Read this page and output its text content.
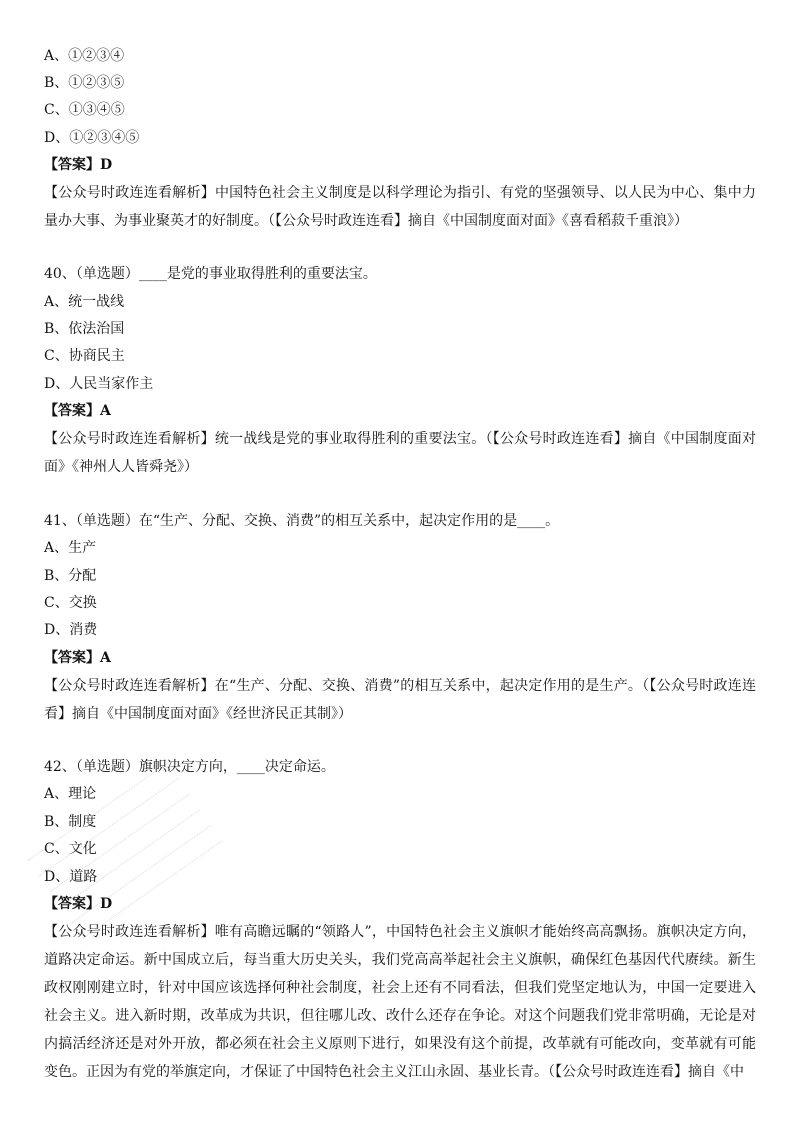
A、①②③④
B、①②③⑤
C、①③④⑤
D、①②③④⑤
【答案】D
【公众号时政连连看解析】中国特色社会主义制度是以科学理论为指引、有党的坚强领导、以人民为中心、集中力量办大事、为事业聚英才的好制度。（【公众号时政连连看】摘自《中国制度面对面》《喜看稻菽千重浪》）
40、（单选题）____是党的事业取得胜利的重要法宝。
A、统一战线
B、依法治国
C、协商民主
D、人民当家作主
【答案】A
【公众号时政连连看解析】统一战线是党的事业取得胜利的重要法宝。（【公众号时政连连看】摘自《中国制度面对面》《神州人人皆舜尧》）
41、（单选题）在“生产、分配、交换、消费”的相互关系中，起决定作用的是____。
A、生产
B、分配
C、交换
D、消费
【答案】A
【公众号时政连连看解析】在“生产、分配、交换、消费”的相互关系中，起决定作用的是生产。（【公众号时政连连看】摘自《中国制度面对面》《经世济民正其制》）
42、（单选题）旗帜决定方向，____决定命运。
A、理论
B、制度
C、文化
D、道路
【答案】D
【公众号时政连连看解析】唯有高瞻远瞩的“领路人”，中国特色社会主义旗帜才能始终高高飘扬。旗帜决定方向，道路决定命运。新中国成立后，每当重大历史关头，我们党高高举起社会主义旗帜，确保红色基因代代赓续。新生政权刚刚建立时，针对中国应该选择何种社会制度，社会上还有不同看法，但我们党坚定地认为，中国一定要进入社会主义。进入新时期，改革成为共识，但往哪儿改、改什么还存在争论。对这个问题我们党非常明确，无论是对内搞活经济还是对外开放，都必须在社会主义原则下进行，如果没有这个前提，改革就有可能改向，变革就有可能变色。正因为有党的举旗定向，才保证了中国特色社会主义江山永固、基业长青。（【公众号时政连连看】摘自《中
